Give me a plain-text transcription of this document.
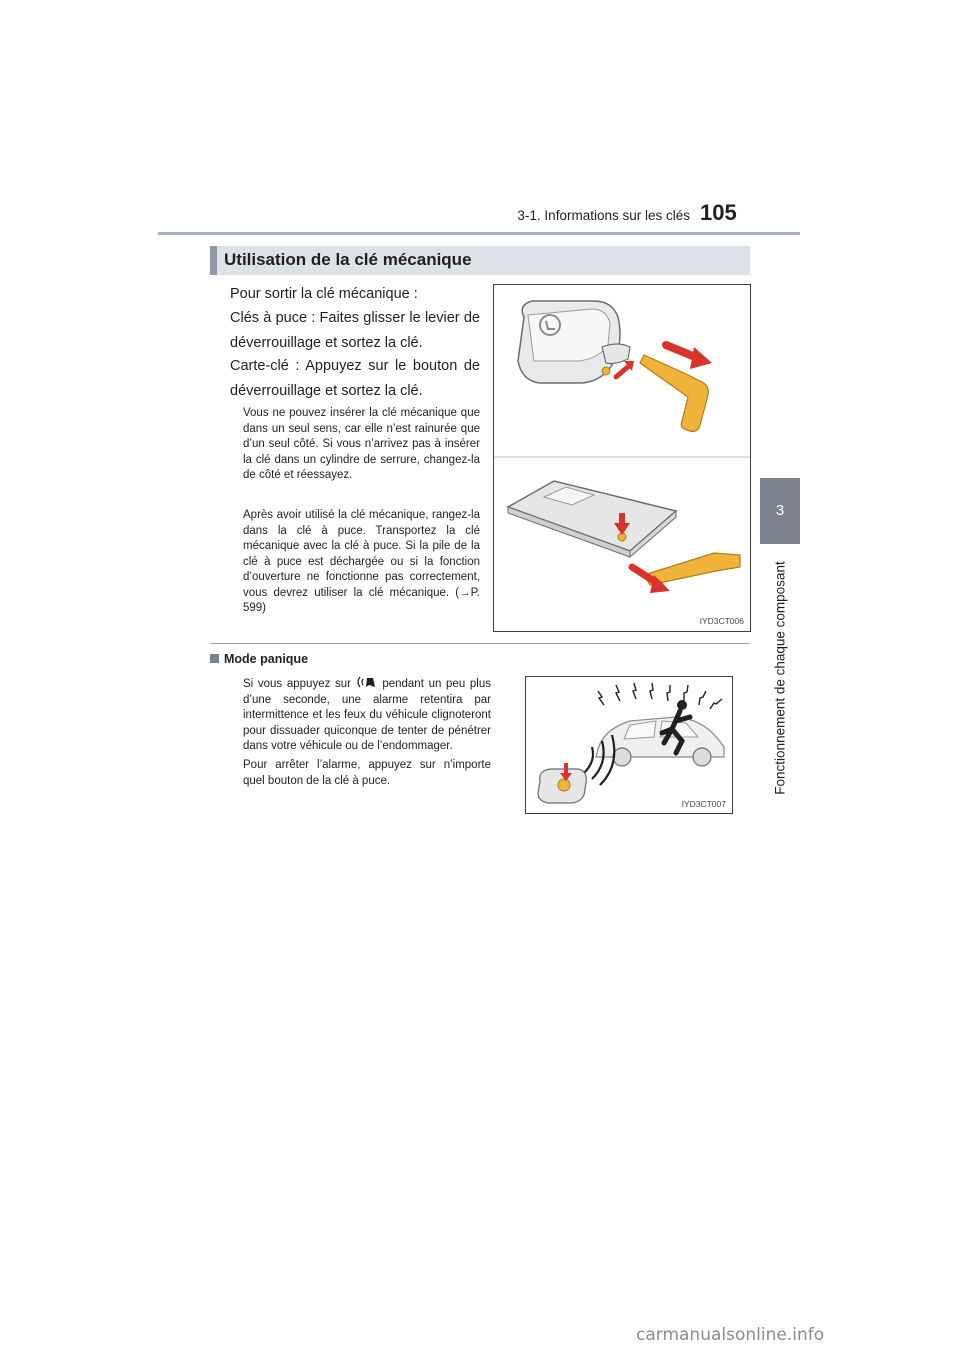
3-1. Informations sur les clés 105
3
Fonctionnement de chaque composant
Utilisation de la clé mécanique
Pour sortir la clé mécanique :
Clés à puce : Faites glisser le levier de déverrouillage et sortez la clé.
Carte-clé : Appuyez sur le bouton de déverrouillage et sortez la clé.
Vous ne pouvez insérer la clé mécanique que dans un seul sens, car elle n’est rainurée que d’un seul côté. Si vous n’arrivez pas à insérer la clé dans un cylindre de serrure, changez-la de côté et réessayez.
Après avoir utilisé la clé mécanique, rangez-la dans la clé à puce. Transportez la clé mécanique avec la clé à puce. Si la pile de la clé à puce est déchargée ou si la fonction d’ouverture ne fonctionne pas correctement, vous devrez utiliser la clé mécanique. (→P. 599)
IYD3CT006
Mode panique
Si vous appuyez sur	pendant un peu plus d’une seconde, une alarme retentira par intermittence et les feux du véhicule clignoteront pour dissuader quiconque de tenter de pénétrer dans votre véhicule ou de l’endommager.
Pour arrêter l’alarme, appuyez sur n’importe quel bouton de la clé à puce.
IYD3CT007
carmanualsonline.info
